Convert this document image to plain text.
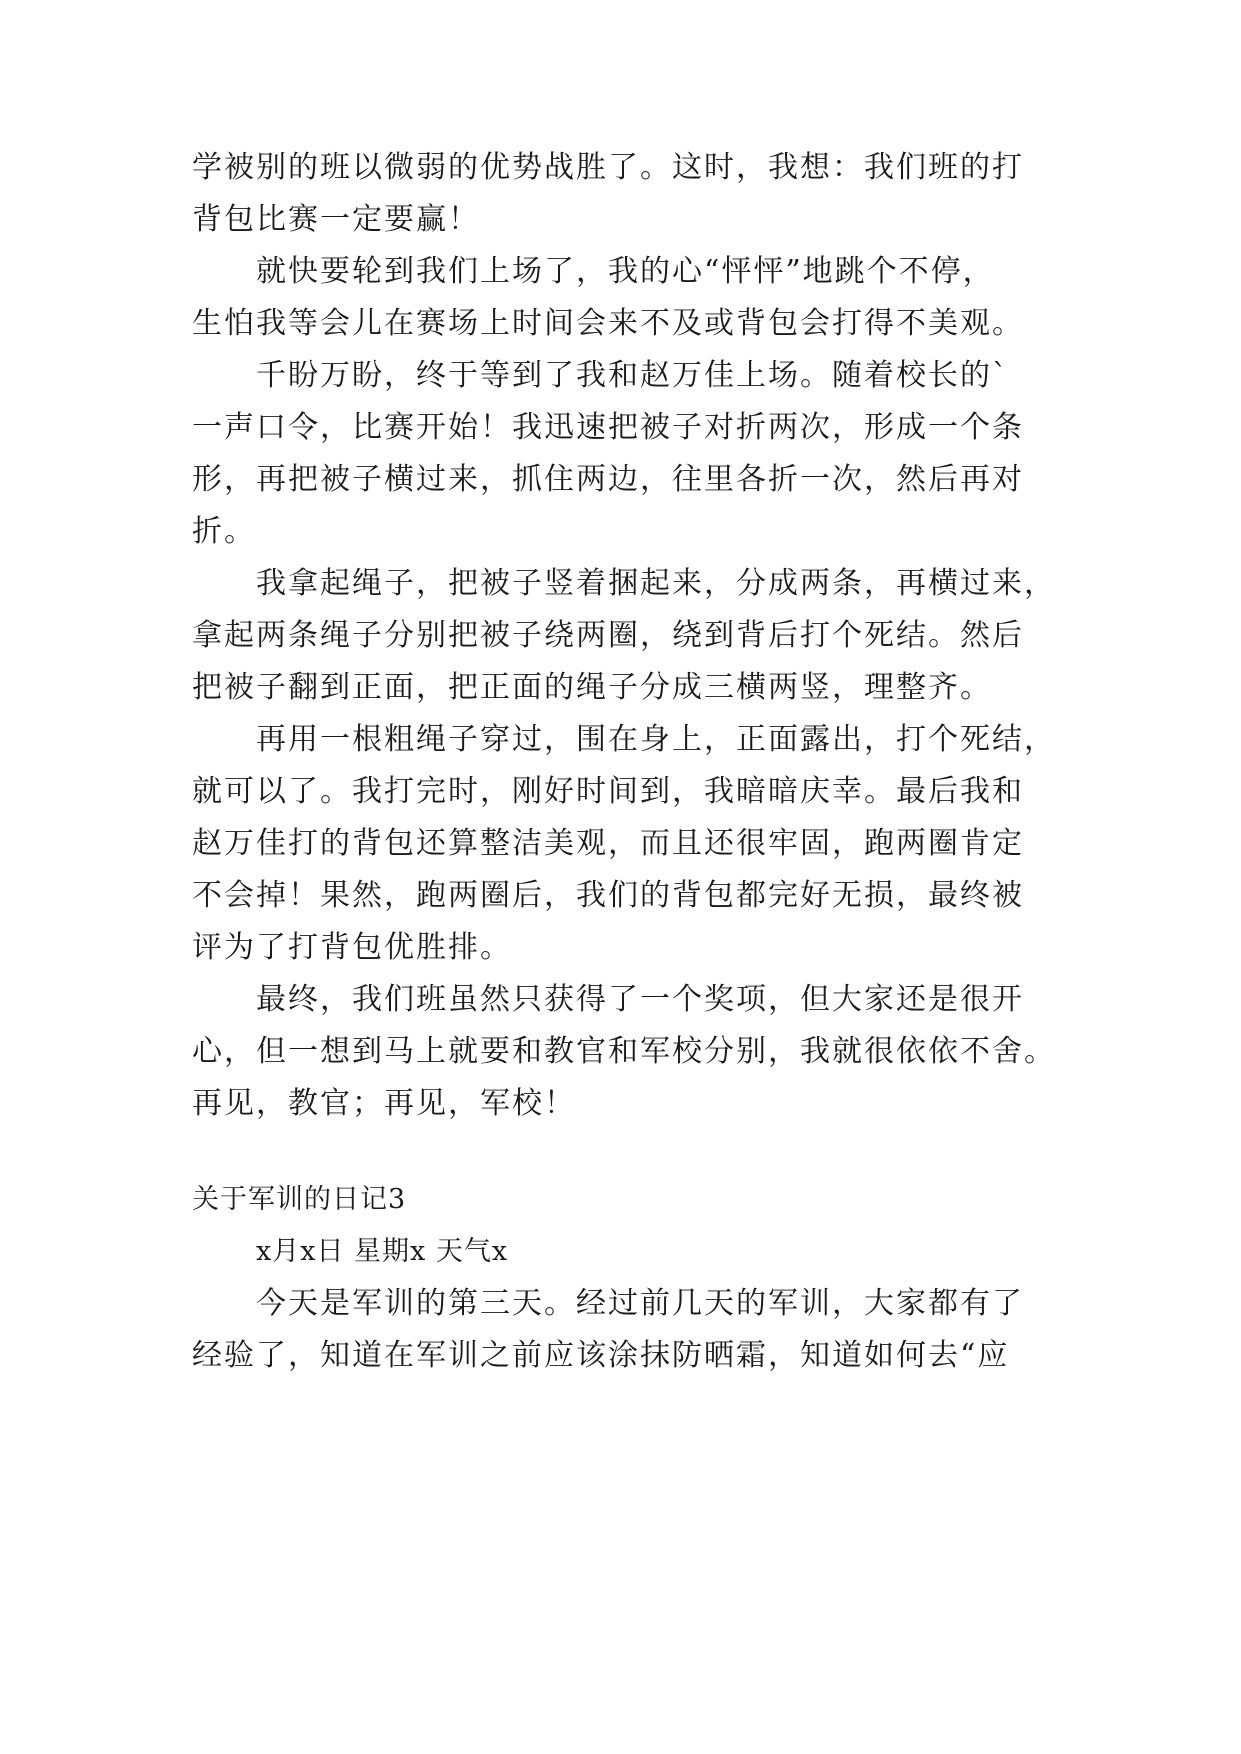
学被别的班以微弱的优势战胜了。这时，我想：我们班的打
背包比赛一定要赢！
就快要轮到我们上场了，我的心“怦怦”地跳个不停，
生怕我等会儿在赛场上时间会来不及或背包会打得不美观。
千盼万盼，终于等到了我和赵万佳上场。随着校长的`
一声口令，比赛开始！我迅速把被子对折两次，形成一个条
形，再把被子横过来，抓住两边，往里各折一次，然后再对
折。
我拿起绳子，把被子竖着捆起来，分成两条，再横过来，
拿起两条绳子分别把被子绕两圈，绕到背后打个死结。然后
把被子翻到正面，把正面的绳子分成三横两竖，理整齐。
再用一根粗绳子穿过，围在身上，正面露出，打个死结，
就可以了。我打完时，刚好时间到，我暗暗庆幸。最后我和
赵万佳打的背包还算整洁美观，而且还很牢固，跑两圈肯定
不会掉！果然，跑两圈后，我们的背包都完好无损，最终被
评为了打背包优胜排。
最终，我们班虽然只获得了一个奖项，但大家还是很开
心，但一想到马上就要和教官和军校分别，我就很依依不舍。
再见，教官；再见，军校！
关于军训的日记3
x月x日 星期x 天气x
今天是军训的第三天。经过前几天的军训，大家都有了
经验了，知道在军训之前应该涂抹防晒霜，知道如何去“应
